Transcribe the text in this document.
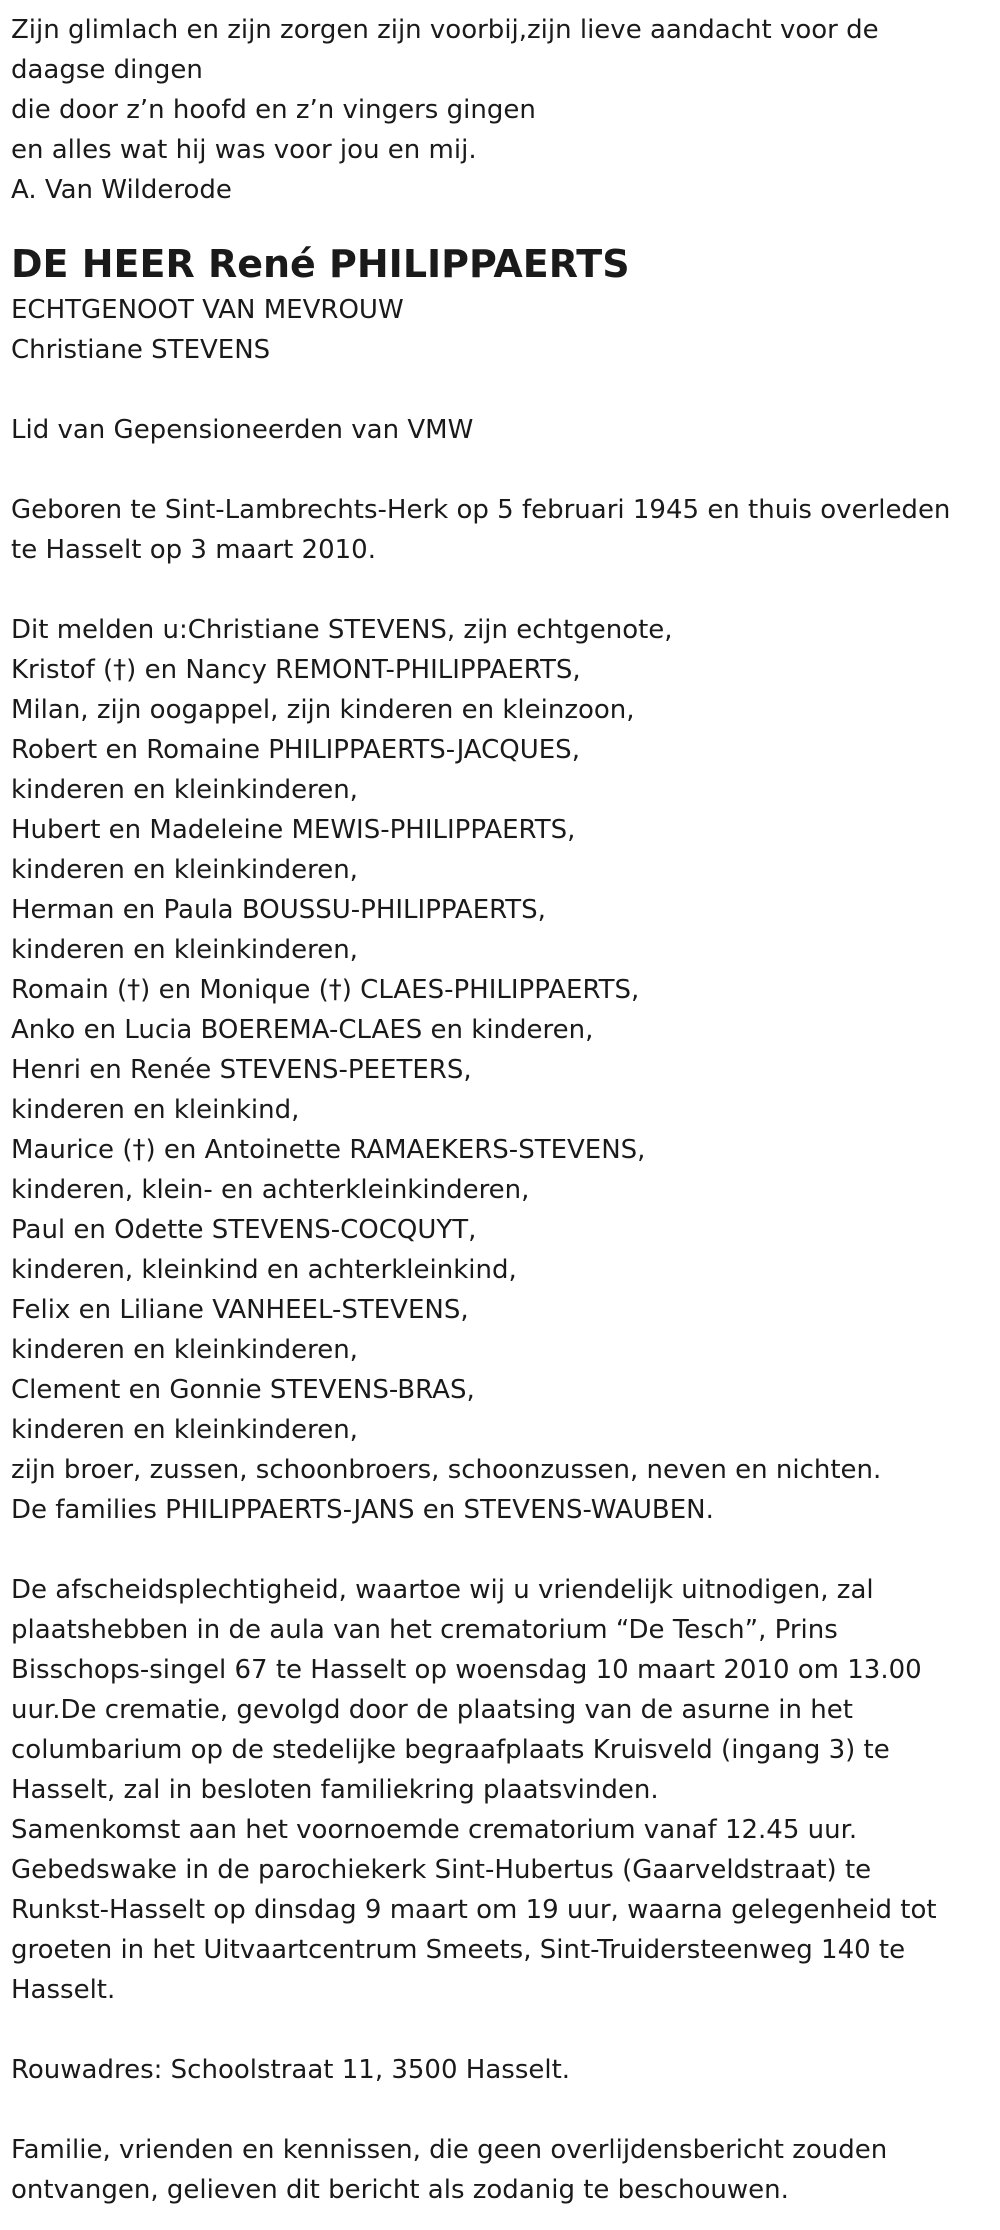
Zijn glimlach en zijn zorgen zijn voorbij,zijn lieve aandacht voor de

daagse dingen

die door z’n hoofd en z’n vingers gingen

en alles wat hij was voor jou en mij.

A. Van Wilderode

DE HEER René PHILIPPAERTS

ECHTGENOOT VAN MEVROUW

Christiane STEVENS

Lid van Gepensioneerden van VMW

Geboren te Sint-Lambrechts-Herk op 5 februari 1945 en thuis overleden

te Hasselt op 3 maart 2010.

Dit melden u:Christiane STEVENS, zijn echtgenote,

Kristof (†) en Nancy REMONT-PHILIPPAERTS,

Milan, zijn oogappel, zijn kinderen en kleinzoon,

Robert en Romaine PHILIPPAERTS-JACQUES,

kinderen en kleinkinderen,

Hubert en Madeleine MEWIS-PHILIPPAERTS,

kinderen en kleinkinderen,

Herman en Paula BOUSSU-PHILIPPAERTS,

kinderen en kleinkinderen,

Romain (†) en Monique (†) CLAES-PHILIPPAERTS,

Anko en Lucia BOEREMA-CLAES en kinderen,

Henri en Renée STEVENS-PEETERS,

kinderen en kleinkind,

Maurice (†) en Antoinette RAMAEKERS-STEVENS,

kinderen, klein- en achterkleinkinderen,

Paul en Odette STEVENS-COCQUYT,

kinderen, kleinkind en achterkleinkind,

Felix en Liliane VANHEEL-STEVENS,

kinderen en kleinkinderen,

Clement en Gonnie STEVENS-BRAS,

kinderen en kleinkinderen,

zijn broer, zussen, schoonbroers, schoonzussen, neven en nichten.

De families PHILIPPAERTS-JANS en STEVENS-WAUBEN.

De afscheidsplechtigheid, waartoe wij u vriendelijk uitnodigen, zal

plaatshebben in de aula van het crematorium “De Tesch”, Prins

Bisschops-singel 67 te Hasselt op woensdag 10 maart 2010 om 13.00

uur.De crematie, gevolgd door de plaatsing van de asurne in het

columbarium op de stedelijke begraafplaats Kruisveld (ingang 3) te

Hasselt, zal in besloten familiekring plaatsvinden.

Samenkomst aan het voornoemde crematorium vanaf 12.45 uur.

Gebedswake in de parochiekerk Sint-Hubertus (Gaarveldstraat) te

Runkst-Hasselt op dinsdag 9 maart om 19 uur, waarna gelegenheid tot

groeten in het Uitvaartcentrum Smeets, Sint-Truidersteenweg 140 te

Hasselt.

Rouwadres: Schoolstraat 11, 3500 Hasselt.

Familie, vrienden en kennissen, die geen overlijdensbericht zouden

ontvangen, gelieven dit bericht als zodanig te beschouwen.
